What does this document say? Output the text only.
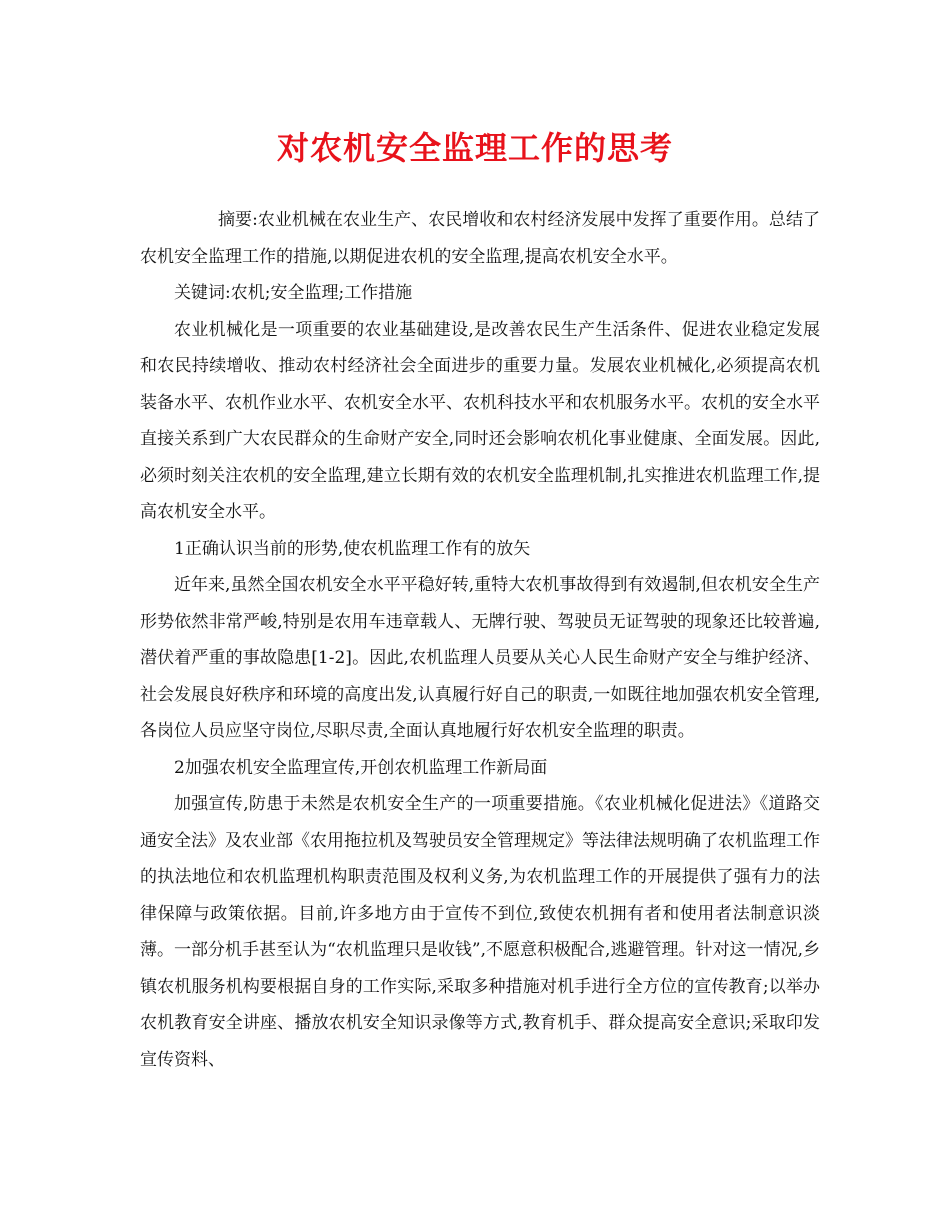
对农机安全监理工作的思考

摘要:农业机械在农业生产、农民增收和农村经济发展中发挥了重要作用。总结了农机安全监理工作的措施,以期促进农机的安全监理,提高农机安全水平。

关键词:农机;安全监理;工作措施

农业机械化是一项重要的农业基础建设,是改善农民生产生活条件、促进农业稳定发展和农民持续增收、推动农村经济社会全面进步的重要力量。发展农业机械化,必须提高农机装备水平、农机作业水平、农机安全水平、农机科技水平和农机服务水平。农机的安全水平直接关系到广大农民群众的生命财产安全,同时还会影响农机化事业健康、全面发展。因此,必须时刻关注农机的安全监理,建立长期有效的农机安全监理机制,扎实推进农机监理工作,提高农机安全水平。

1正确认识当前的形势,使农机监理工作有的放矢

近年来,虽然全国农机安全水平平稳好转,重特大农机事故得到有效遏制,但农机安全生产形势依然非常严峻,特别是农用车违章载人、无牌行驶、驾驶员无证驾驶的现象还比较普遍,潜伏着严重的事故隐患[1-2]。因此,农机监理人员要从关心人民生命财产安全与维护经济、社会发展良好秩序和环境的高度出发,认真履行好自己的职责,一如既往地加强农机安全管理,各岗位人员应坚守岗位,尽职尽责,全面认真地履行好农机安全监理的职责。

2加强农机安全监理宣传,开创农机监理工作新局面

加强宣传,防患于未然是农机安全生产的一项重要措施。《农业机械化促进法》《道路交通安全法》及农业部《农用拖拉机及驾驶员安全管理规定》等法律法规明确了农机监理工作的执法地位和农机监理机构职责范围及权利义务,为农机监理工作的开展提供了强有力的法律保障与政策依据。目前,许多地方由于宣传不到位,致使农机拥有者和使用者法制意识淡薄。一部分机手甚至认为“农机监理只是收钱”,不愿意积极配合,逃避管理。针对这一情况,乡镇农机服务机构要根据自身的工作实际,采取多种措施对机手进行全方位的宣传教育;以举办农机教育安全讲座、播放农机安全知识录像等方式,教育机手、群众提高安全意识;采取印发宣传资料、
